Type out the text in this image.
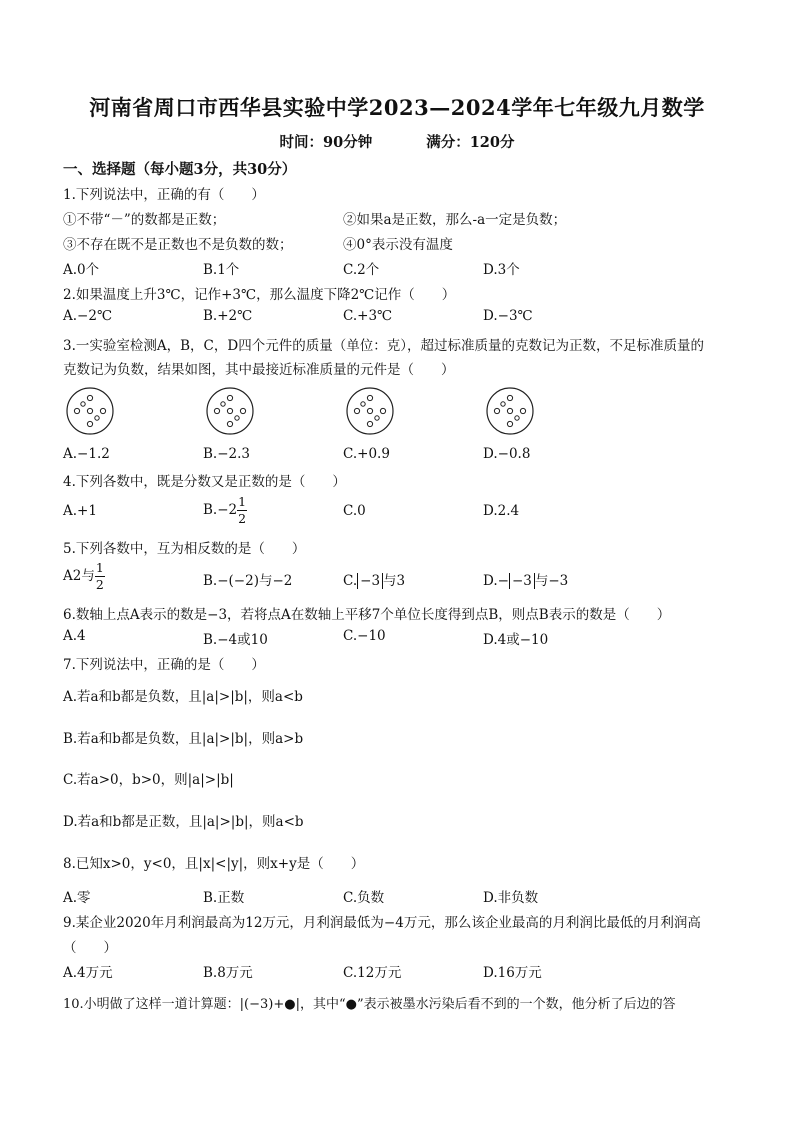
河南省周口市西华县实验中学2023—2024学年七年级九月数学
时间：90分钟	满分：120分
一、选择题（每小题3分，共30分）
1.下列说法中，正确的有（　　）
①不带“－”的数都是正数；	②如果a是正数，那么-a一定是负数；
③不存在既不是正数也不是负数的数；	④0°表示没有温度
A.0个	B.1个	C.2个	D.3个
2.如果温度上升3℃，记作+3℃，那么温度下降2℃记作（　　）
A.−2℃	B.+2℃	C.+3℃	D.−3℃
3.一实验室检测A，B，C，D四个元件的质量（单位：克），超过标准质量的克数记为正数，不足标准质量的
克数记为负数，结果如图，其中最接近标准质量的元件是（　　）
A.−1.2	B.−2.3	C.+0.9	D.−0.8
4.下列各数中，既是分数又是正数的是（　　）
A.+1	$B.-2 \frac{1}{2}$	C.0	D.2.4
5.下列各数中，互为相反数的是（　　）
A2与 $\frac{1}{2}$	B.−(−2)与−2	C. −3 与3	D.− −3 与−3
6.数轴上点A表示的数是−3，若将点A在数轴上平移7个单位长度得到点B，则点B表示的数是（　　）
A.4	B.−4或10	C.−10	D.4或−10
7.下列说法中，正确的是（　　）
A.若a和b都是负数，且|a|>|b|，则a<b
B.若a和b都是负数，且|a|>|b|，则a>b
C.若a>0，b>0，则|a|>|b|
D.若a和b都是正数，且|a|>|b|，则a<b
8.已知x>0，y<0，且|x|<|y|，则x+y是（　　）
A.零	B.正数	C.负数	D.非负数
9.某企业2020年月利润最高为12万元，月利润最低为−4万元，那么该企业最高的月利润比最低的月利润高
（　　）
A.4万元	B.8万元	C.12万元	D.16万元
10.小明做了这样一道计算题：|(−3)+●|，其中“●”表示被墨水污染后看不到的一个数，他分析了后边的答
